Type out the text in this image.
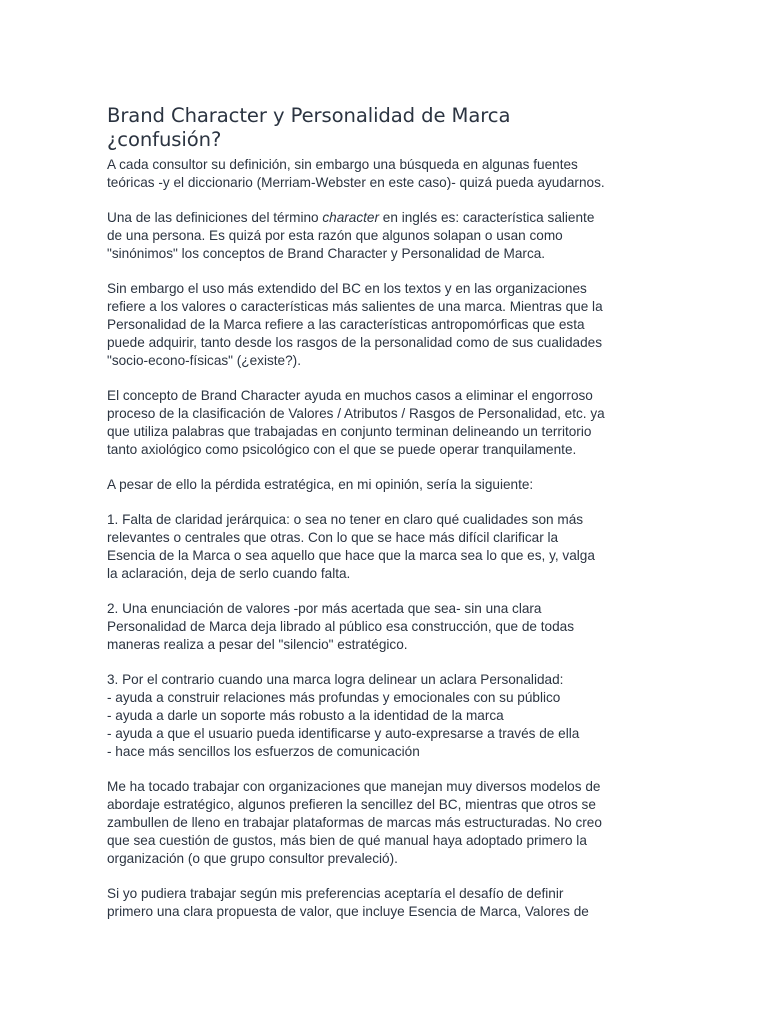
Brand Character y Personalidad de Marca
¿confusión?

A cada consultor su definición, sin embargo una búsqueda en algunas fuentes
teóricas -y el diccionario (Merriam-Webster en este caso)- quizá pueda ayudarnos.

Una de las definiciones del término character en inglés es: característica saliente
de una persona. Es quizá por esta razón que algunos solapan o usan como
"sinónimos" los conceptos de Brand Character y Personalidad de Marca.

Sin embargo el uso más extendido del BC en los textos y en las organizaciones
refiere a los valores o características más salientes de una marca. Mientras que la
Personalidad de la Marca refiere a las características antropomórficas que esta
puede adquirir, tanto desde los rasgos de la personalidad como de sus cualidades
"socio-econo-físicas" (¿existe?).

El concepto de Brand Character ayuda en muchos casos a eliminar el engorroso
proceso de la clasificación de Valores / Atributos / Rasgos de Personalidad, etc. ya
que utiliza palabras que trabajadas en conjunto terminan delineando un territorio
tanto axiológico como psicológico con el que se puede operar tranquilamente.

A pesar de ello la pérdida estratégica, en mi opinión, sería la siguiente:

1. Falta de claridad jerárquica: o sea no tener en claro qué cualidades son más
relevantes o centrales que otras. Con lo que se hace más difícil clarificar la
Esencia de la Marca o sea aquello que hace que la marca sea lo que es, y, valga
la aclaración, deja de serlo cuando falta.

2. Una enunciación de valores -por más acertada que sea- sin una clara
Personalidad de Marca deja librado al público esa construcción, que de todas
maneras realiza a pesar del "silencio" estratégico.

3. Por el contrario cuando una marca logra delinear un aclara Personalidad:
- ayuda a construir relaciones más profundas y emocionales con su público
- ayuda a darle un soporte más robusto a la identidad de la marca
- ayuda a que el usuario pueda identificarse y auto-expresarse a través de ella
- hace más sencillos los esfuerzos de comunicación

Me ha tocado trabajar con organizaciones que manejan muy diversos modelos de
abordaje estratégico, algunos prefieren la sencillez del BC, mientras que otros se
zambullen de lleno en trabajar plataformas de marcas más estructuradas. No creo
que sea cuestión de gustos, más bien de qué manual haya adoptado primero la
organización (o que grupo consultor prevaleció).

Si yo pudiera trabajar según mis preferencias aceptaría el desafío de definir
primero una clara propuesta de valor, que incluye Esencia de Marca, Valores de
